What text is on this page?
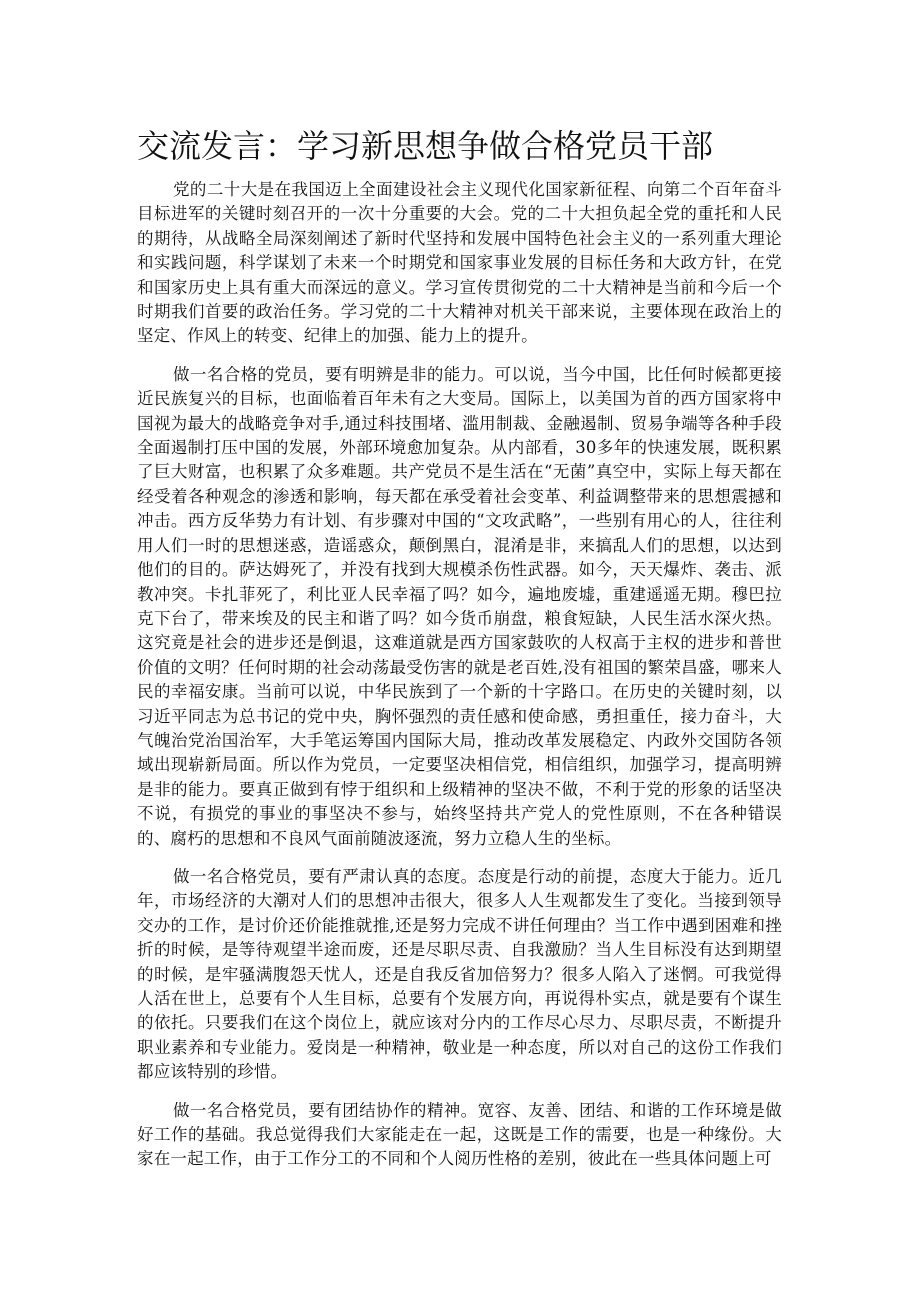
交流发言：学习新思想争做合格党员干部

党的二十大是在我国迈上全面建设社会主义现代化国家新征程、向第二个百年奋斗目标进军的关键时刻召开的一次十分重要的大会。党的二十大担负起全党的重托和人民的期待，从战略全局深刻阐述了新时代坚持和发展中国特色社会主义的一系列重大理论和实践问题，科学谋划了未来一个时期党和国家事业发展的目标任务和大政方针，在党和国家历史上具有重大而深远的意义。学习宣传贯彻党的二十大精神是当前和今后一个时期我们首要的政治任务。学习党的二十大精神对机关干部来说，主要体现在政治上的坚定、作风上的转变、纪律上的加强、能力上的提升。

做一名合格的党员，要有明辨是非的能力。可以说，当今中国，比任何时候都更接近民族复兴的目标，也面临着百年未有之大变局。国际上，以美国为首的西方国家将中国视为最大的战略竞争对手,通过科技围堵、滥用制裁、金融遏制、贸易争端等各种手段全面遏制打压中国的发展，外部环境愈加复杂。从内部看，30多年的快速发展，既积累了巨大财富，也积累了众多难题。共产党员不是生活在“无菌”真空中，实际上每天都在经受着各种观念的渗透和影响，每天都在承受着社会变革、利益调整带来的思想震撼和冲击。西方反华势力有计划、有步骤对中国的“文攻武略”，一些别有用心的人，往往利用人们一时的思想迷惑，造谣惑众，颠倒黑白，混淆是非，来搞乱人们的思想，以达到他们的目的。萨达姆死了，并没有找到大规模杀伤性武器。如今，天天爆炸、袭击、派教冲突。卡扎菲死了，利比亚人民幸福了吗？如今，遍地废墟，重建遥遥无期。穆巴拉克下台了，带来埃及的民主和谐了吗？如今货币崩盘，粮食短缺，人民生活水深火热。这究竟是社会的进步还是倒退，这难道就是西方国家鼓吹的人权高于主权的进步和普世价值的文明？任何时期的社会动荡最受伤害的就是老百姓,没有祖国的繁荣昌盛，哪来人民的幸福安康。当前可以说，中华民族到了一个新的十字路口。在历史的关键时刻，以习近平同志为总书记的党中央，胸怀强烈的责任感和使命感，勇担重任，接力奋斗，大气魄治党治国治军，大手笔运筹国内国际大局，推动改革发展稳定、内政外交国防各领域出现崭新局面。所以作为党员，一定要坚决相信党，相信组织，加强学习，提高明辨是非的能力。要真正做到有悖于组织和上级精神的坚决不做，不利于党的形象的话坚决不说，有损党的事业的事坚决不参与，始终坚持共产党人的党性原则，不在各种错误的、腐朽的思想和不良风气面前随波逐流，努力立稳人生的坐标。

做一名合格党员，要有严肃认真的态度。态度是行动的前提，态度大于能力。近几年，市场经济的大潮对人们的思想冲击很大，很多人人生观都发生了变化。当接到领导交办的工作，是讨价还价能推就推,还是努力完成不讲任何理由？当工作中遇到困难和挫折的时候，是等待观望半途而废，还是尽职尽责、自我激励？当人生目标没有达到期望的时候，是牢骚满腹怨天忧人，还是自我反省加倍努力？很多人陷入了迷惘。可我觉得人活在世上，总要有个人生目标，总要有个发展方向，再说得朴实点，就是要有个谋生的依托。只要我们在这个岗位上，就应该对分内的工作尽心尽力、尽职尽责，不断提升职业素养和专业能力。爱岗是一种精神，敬业是一种态度，所以对自己的这份工作我们都应该特别的珍惜。

做一名合格党员，要有团结协作的精神。宽容、友善、团结、和谐的工作环境是做好工作的基础。我总觉得我们大家能走在一起，这既是工作的需要，也是一种缘份。大家在一起工作，由于工作分工的不同和个人阅历性格的差别，彼此在一些具体问题上可
